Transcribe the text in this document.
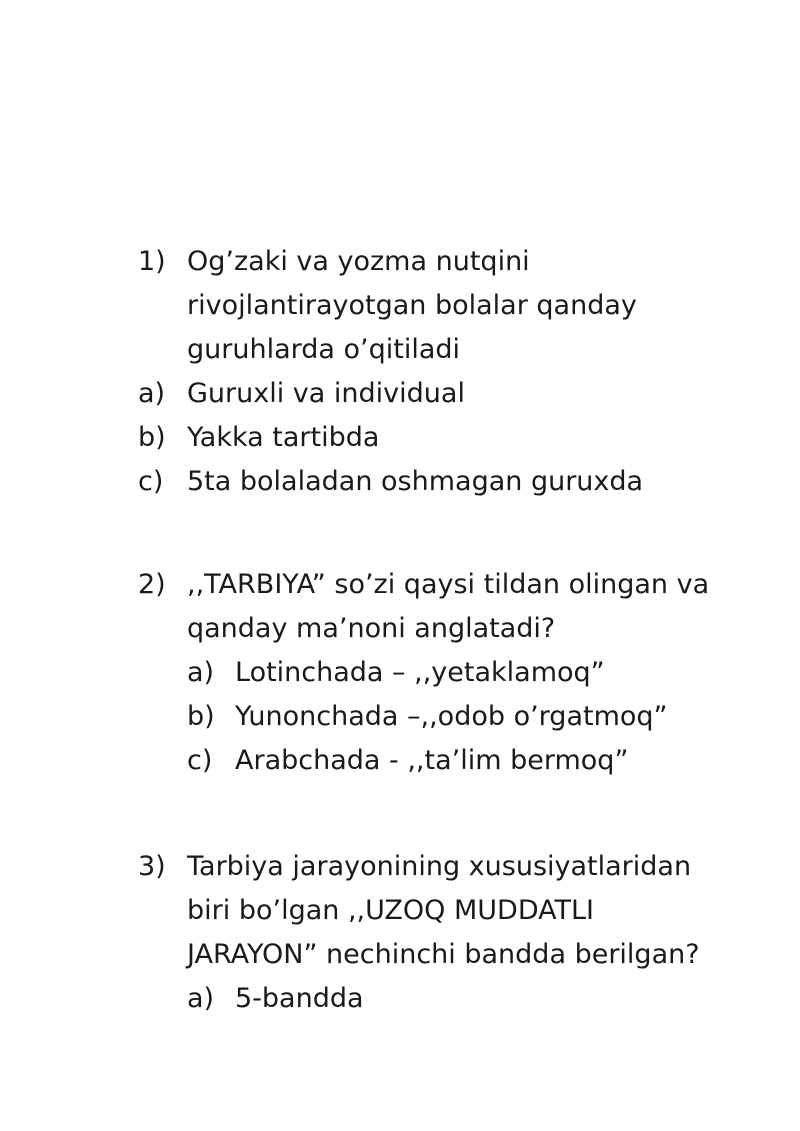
1) Og’zaki va yozma nutqini
rivojlantirayotgan bolalar qanday
guruhlarda o’qitiladi
a) Guruxli va individual
b) Yakka tartibda
c) 5ta bolaladan oshmagan guruxda
2) ,,TARBIYA” so’zi qaysi tildan olingan va
qanday ma’noni anglatadi?
a) Lotinchada – ,,yetaklamoq”
b) Yunonchada –,,odob o’rgatmoq”
c) Arabchada - ,,ta’lim bermoq”
3) Tarbiya jarayonining xususiyatlaridan
biri bo’lgan ,,UZOQ MUDDATLI
JARAYON” nechinchi bandda berilgan?
a) 5-bandda
